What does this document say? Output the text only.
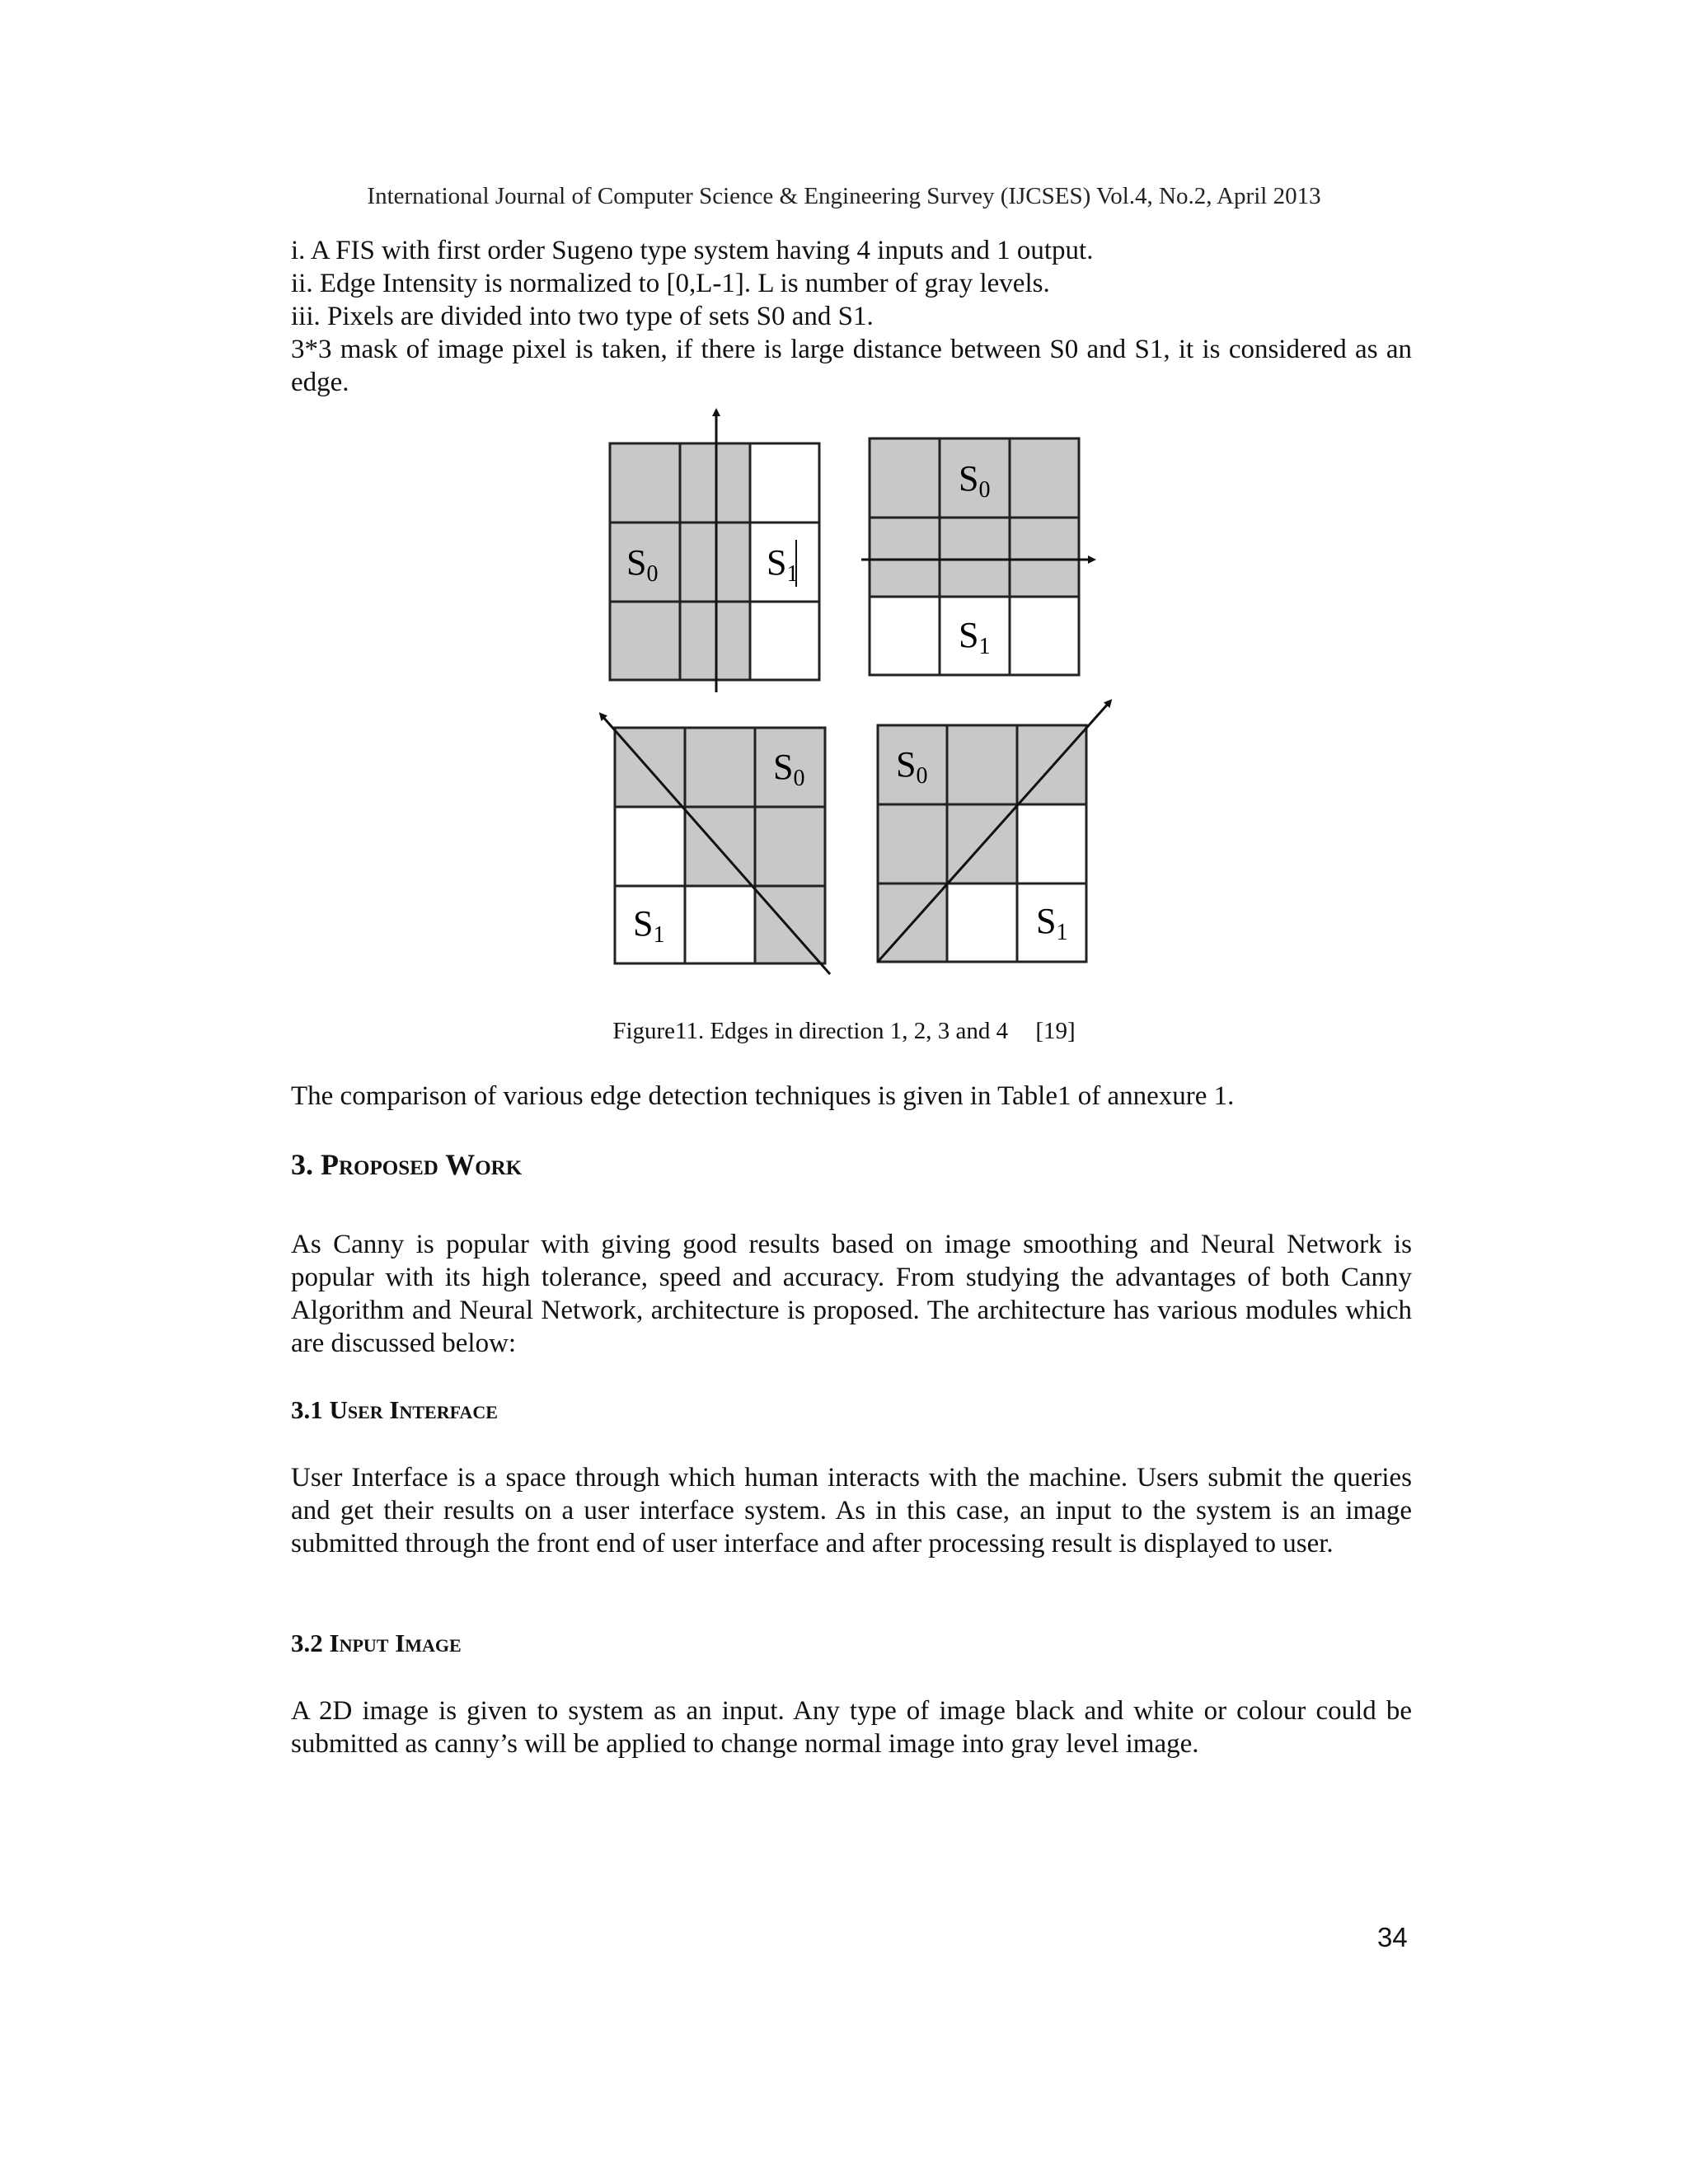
International Journal of Computer Science & Engineering Survey (IJCSES) Vol.4, No.2, April 2013
i. A FIS with first order Sugeno type system having 4 inputs and 1 output.
ii. Edge Intensity is normalized to [0,L-1]. L is number of gray levels.
iii. Pixels are divided into two type of sets S0 and S1.
3*3 mask of image pixel is taken, if there is large distance between S0 and S1, it is considered as an edge.
S0	S1
S0
S1
S0
S1
S0
S1
Figure11. Edges in direction 1, 2, 3 and 4 [19]
The comparison of various edge detection techniques is given in Table1 of annexure 1.
3. Proposed Work
As Canny is popular with giving good results based on image smoothing and Neural Network is popular with its high tolerance, speed and accuracy. From studying the advantages of both Canny Algorithm and Neural Network, architecture is proposed. The architecture has various modules which are discussed below:
3.1 User Interface
User Interface is a space through which human interacts with the machine. Users submit the queries and get their results on a user interface system. As in this case, an input to the system is an image submitted through the front end of user interface and after processing result is displayed to user.
3.2 Input Image
A 2D image is given to system as an input. Any type of image black and white or colour could be submitted as canny’s will be applied to change normal image into gray level image.
34
